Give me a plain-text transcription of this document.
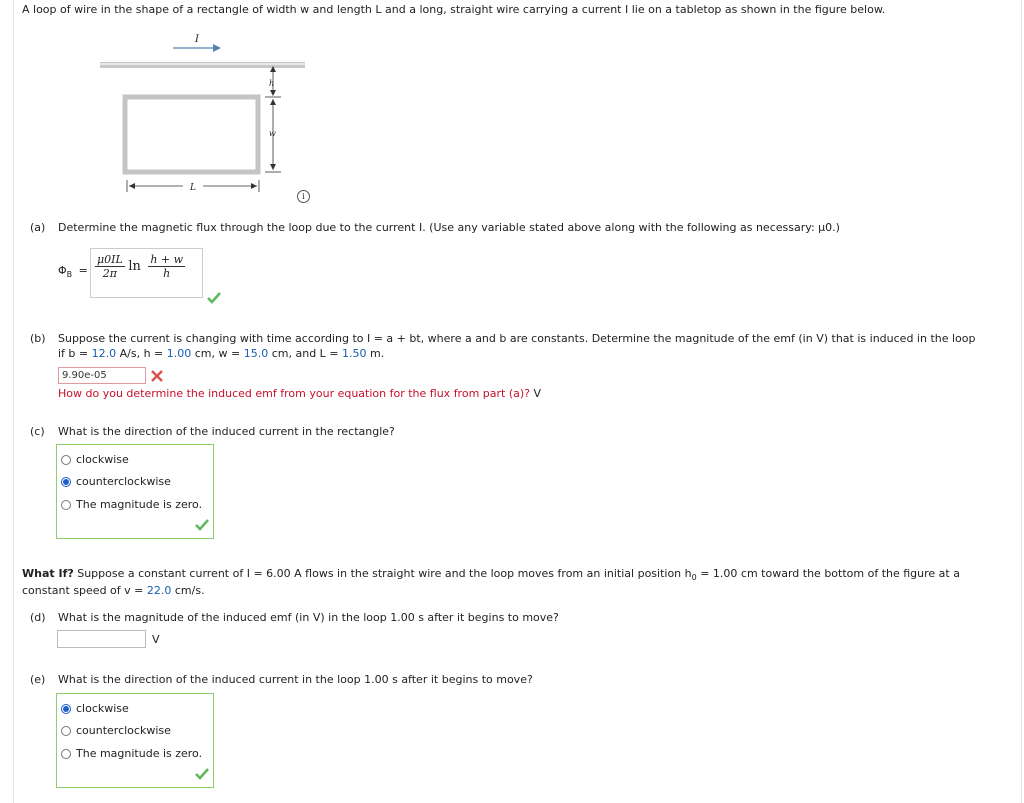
A loop of wire in the shape of a rectangle of width w and length L and a long, straight wire carrying a current I lie on a tabletop as shown in the figure below.
I
h
w
L
i
(a) Determine the magnetic flux through the loop due to the current I. (Use any variable stated above along with the following as necessary: μ0.)
$\Phi_B = \frac{\mu 0IL}{2\pi}$ $\ln \frac{h + w}{h}$
(b) Suppose the current is changing with time according to I = a + bt, where a and b are constants. Determine the magnitude of the emf (in V) that is induced in the loop
if b = 12.0 A/s, h = 1.00 cm, w = 15.0 cm, and L = 1.50 m.
9.90e-05
How do you determine the induced emf from your equation for the flux from part (a)? V
(c) What is the direction of the induced current in the rectangle?
clockwise
counterclockwise
The magnitude is zero.
What If? Suppose a constant current of I = 6.00 A flows in the straight wire and the loop moves from an initial position $h_0 = 1.00$ cm toward the bottom of the figure at a
constant speed of v = 22.0 cm/s.
(d) What is the magnitude of the induced emf (in V) in the loop 1.00 s after it begins to move?
V
(e) What is the direction of the induced current in the loop 1.00 s after it begins to move?
clockwise
counterclockwise
The magnitude is zero.
